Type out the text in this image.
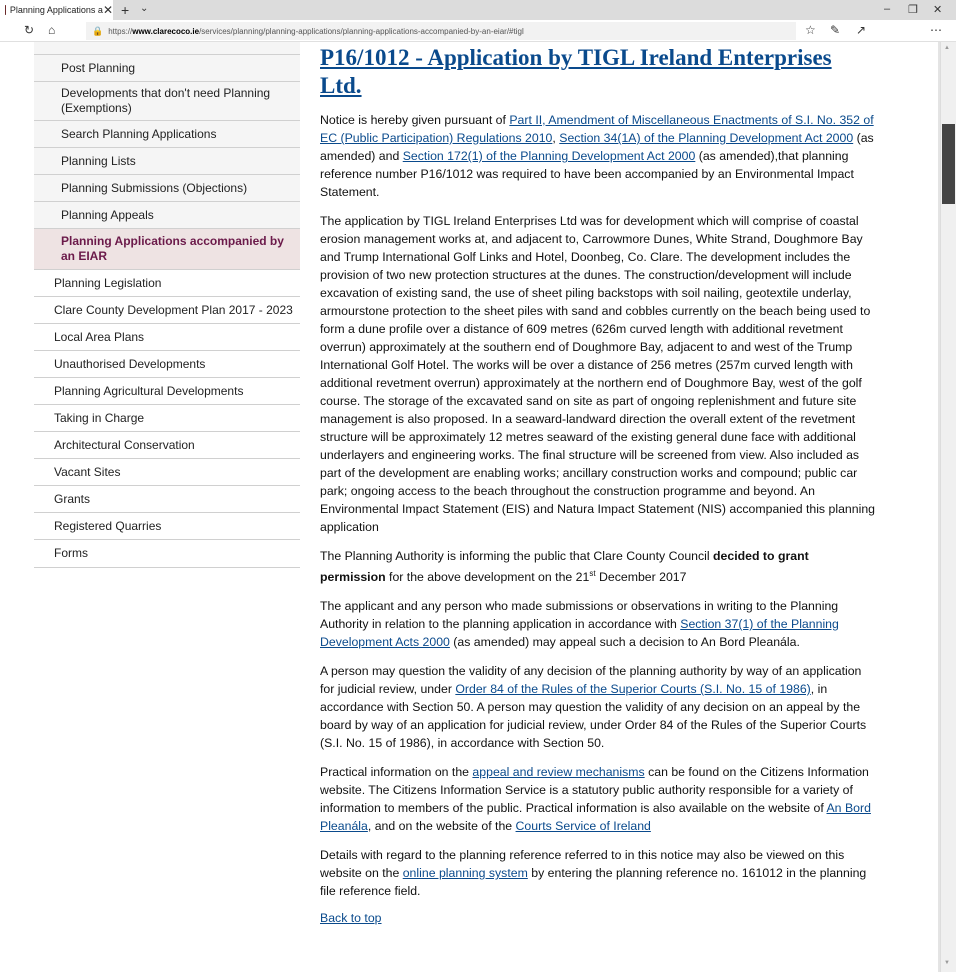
Planning Applications a ✕ + ⌄	– ❐ ✕
↻ ⌂	🔒 https:// www.clarecoco.ie /services/planning/planning-applications/planning-applications-accompanied-by-an-eiar/#tigl	☆ ✎ ↗	⋯
Post Planning
Developments that don't need Planning (Exemptions)
Search Planning Applications
Planning Lists
Planning Submissions (Objections)
Planning Appeals
Planning Applications accompanied by an EIAR
Planning Legislation
Clare County Development Plan 2017 - 2023
Local Area Plans
Unauthorised Developments
Planning Agricultural Developments
Taking in Charge
Architectural Conservation
Vacant Sites
Grants
Registered Quarries
Forms
P16/1012 - Application by TIGL Ireland Enterprises Ltd.

Notice is hereby given pursuant of Part II, Amendment of Miscellaneous Enactments of S.I. No. 352 of EC (Public Participation) Regulations 2010, Section 34(1A) of the Planning Development Act 2000 (as amended) and Section 172(1) of the Planning Development Act 2000 (as amended),that planning reference number P16/1012 was required to have been accompanied by an Environmental Impact Statement.

The application by TIGL Ireland Enterprises Ltd was for development which will comprise of coastal erosion management works at, and adjacent to, Carrowmore Dunes, White Strand, Doughmore Bay and Trump International Golf Links and Hotel, Doonbeg, Co. Clare. The development includes the provision of two new protection structures at the dunes. The construction/development will include excavation of existing sand, the use of sheet piling backstops with soil nailing, geotextile underlay, armourstone protection to the sheet piles with sand and cobbles currently on the beach being used to form a dune profile over a distance of 609 metres (626m curved length with additional revetment overrun) approximately at the southern end of Doughmore Bay, adjacent to and west of the Trump International Golf Hotel. The works will be over a distance of 256 metres (257m curved length with additional revetment overrun) approximately at the northern end of Doughmore Bay, west of the golf course. The storage of the excavated sand on site as part of ongoing replenishment and future site management is also proposed. In a seaward-landward direction the overall extent of the revetment structure will be approximately 12 metres seaward of the existing general dune face with additional underlayers and engineering works. The final structure will be screened from view. Also included as part of the development are enabling works; ancillary construction works and compound; public car park; ongoing access to the beach throughout the construction programme and beyond. An Environmental Impact Statement (EIS) and Natura Impact Statement (NIS) accompanied this planning application

The Planning Authority is informing the public that Clare County Council decided to grant permission for the above development on the 21st December 2017

The applicant and any person who made submissions or observations in writing to the Planning Authority in relation to the planning application in accordance with Section 37(1) of the Planning Development Acts 2000 (as amended) may appeal such a decision to An Bord Pleanála.

A person may question the validity of any decision of the planning authority by way of an application for judicial review, under Order 84 of the Rules of the Superior Courts (S.I. No. 15 of 1986), in accordance with Section 50. A person may question the validity of any decision on an appeal by the board by way of an application for judicial review, under Order 84 of the Rules of the Superior Courts (S.I. No. 15 of 1986), in accordance with Section 50.

Practical information on the appeal and review mechanisms can be found on the Citizens Information website. The Citizens Information Service is a statutory public authority responsible for a variety of information to members of the public. Practical information is also available on the website of An Bord Pleanála, and on the website of the Courts Service of Ireland

Details with regard to the planning reference referred to in this notice may also be viewed on this website on the online planning system by entering the planning reference no. 161012 in the planning file reference field.

Back to top
▲
▼
